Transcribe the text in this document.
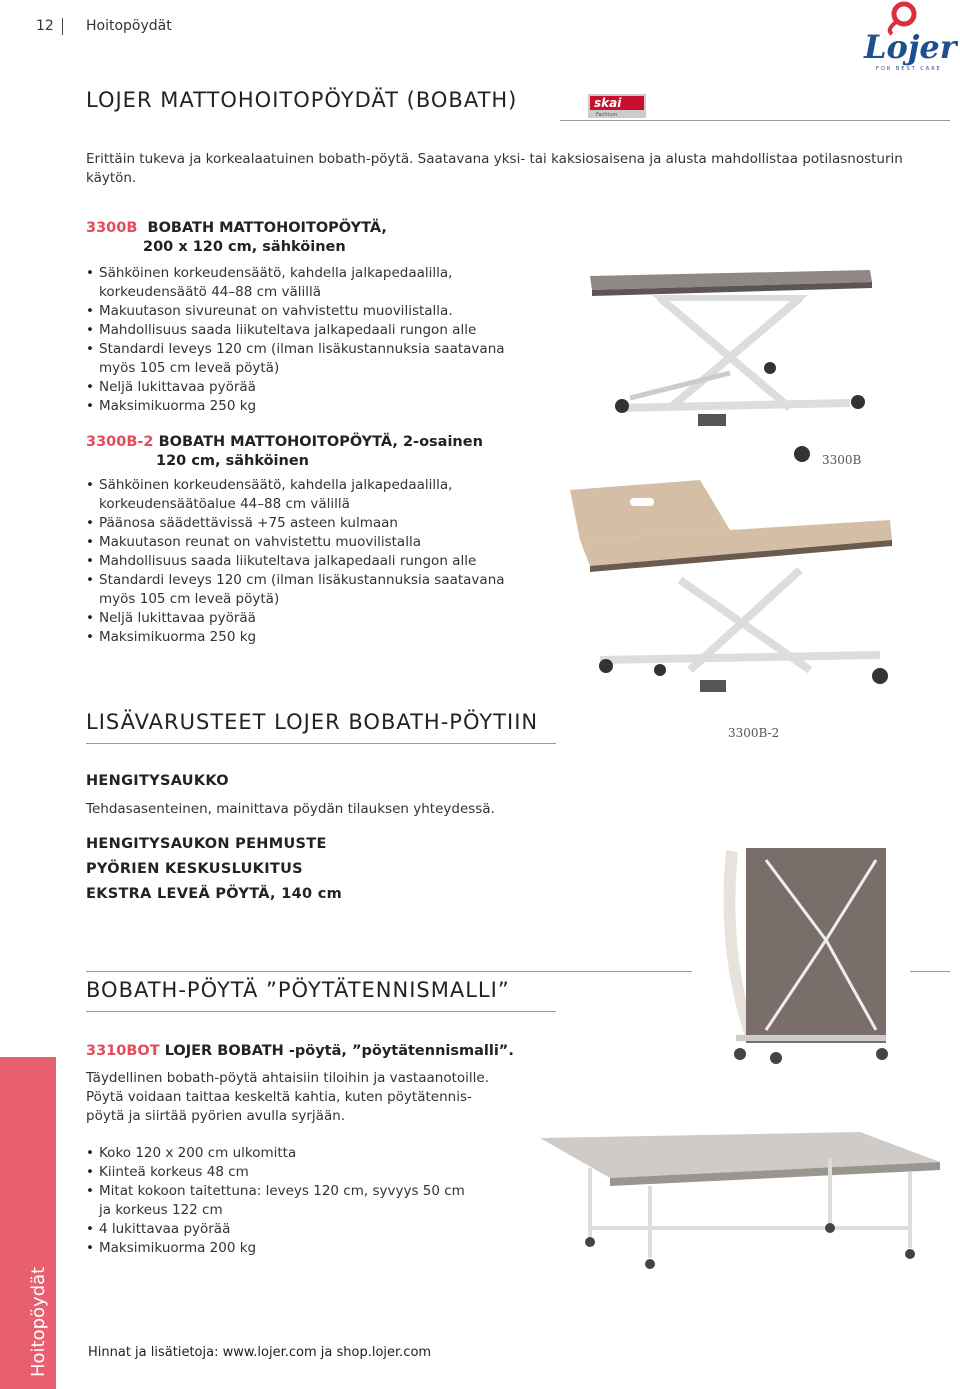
12 Hoitopöydät
Lojer
FOR BEST CARE
LOJER MATTOHOITOPÖYDÄT (BOBATH)	skai
Fachtum
Erittäin tukeva ja korkealaatuinen bobath-pöytä. Saatavana yksi- tai kaksiosaisena ja alusta mahdollistaa potilasnosturin käytön.
3300B BOBATH MATTOHOITOPÖYTÄ,
200 x 120 cm, sähköinen
• Sähköinen korkeudensäätö, kahdella jalkapedaalilla,
korkeudensäätö 44–88 cm välillä
• Makuutason sivureunat on vahvistettu muovilistalla.
• Mahdollisuus saada liikuteltava jalkapedaali rungon alle
• Standardi leveys 120 cm (ilman lisäkustannuksia saatavana
myös 105 cm leveä pöytä)
• Neljä lukittavaa pyörää
• Maksimikuorma 250 kg
3300B
3300B-2 BOBATH MATTOHOITOPÖYTÄ, 2-osainen
120 cm, sähköinen
• Sähköinen korkeudensäätö, kahdella jalkapedaalilla,
korkeudensäätöalue 44–88 cm välillä
• Päänosa säädettävissä +75 asteen kulmaan
• Makuutason reunat on vahvistettu muovilistalla
• Mahdollisuus saada liikuteltava jalkapedaali rungon alle
• Standardi leveys 120 cm (ilman lisäkustannuksia saatavana
myös 105 cm leveä pöytä)
• Neljä lukittavaa pyörää
• Maksimikuorma 250 kg
3300B-2
LISÄVARUSTEET LOJER BOBATH-PÖYTIIN
HENGITYSAUKKO
Tehdasasenteinen, mainittava pöydän tilauksen yhteydessä.
HENGITYSAUKON PEHMUSTE
PYÖRIEN KESKUSLUKITUS
EKSTRA LEVEÄ PÖYTÄ, 140 cm
BOBATH-PÖYTÄ ”PÖYTÄTENNISMALLI”
3310BOT LOJER BOBATH -pöytä, ”pöytätennismalli”.
Täydellinen bobath-pöytä ahtaisiin tiloihin ja vastaanotoille.
Pöytä voidaan taittaa keskeltä kahtia, kuten pöytätennis-
pöytä ja siirtää pyörien avulla syrjään.
• Koko 120 x 200 cm ulkomitta
• Kiinteä korkeus 48 cm
• Mitat kokoon taitettuna: leveys 120 cm, syvyys 50 cm
ja korkeus 122 cm
• 4 lukittavaa pyörää
• Maksimikuorma 200 kg
Hoitopöydät	Hinnat ja lisätietoja: www.lojer.com ja shop.lojer.com
